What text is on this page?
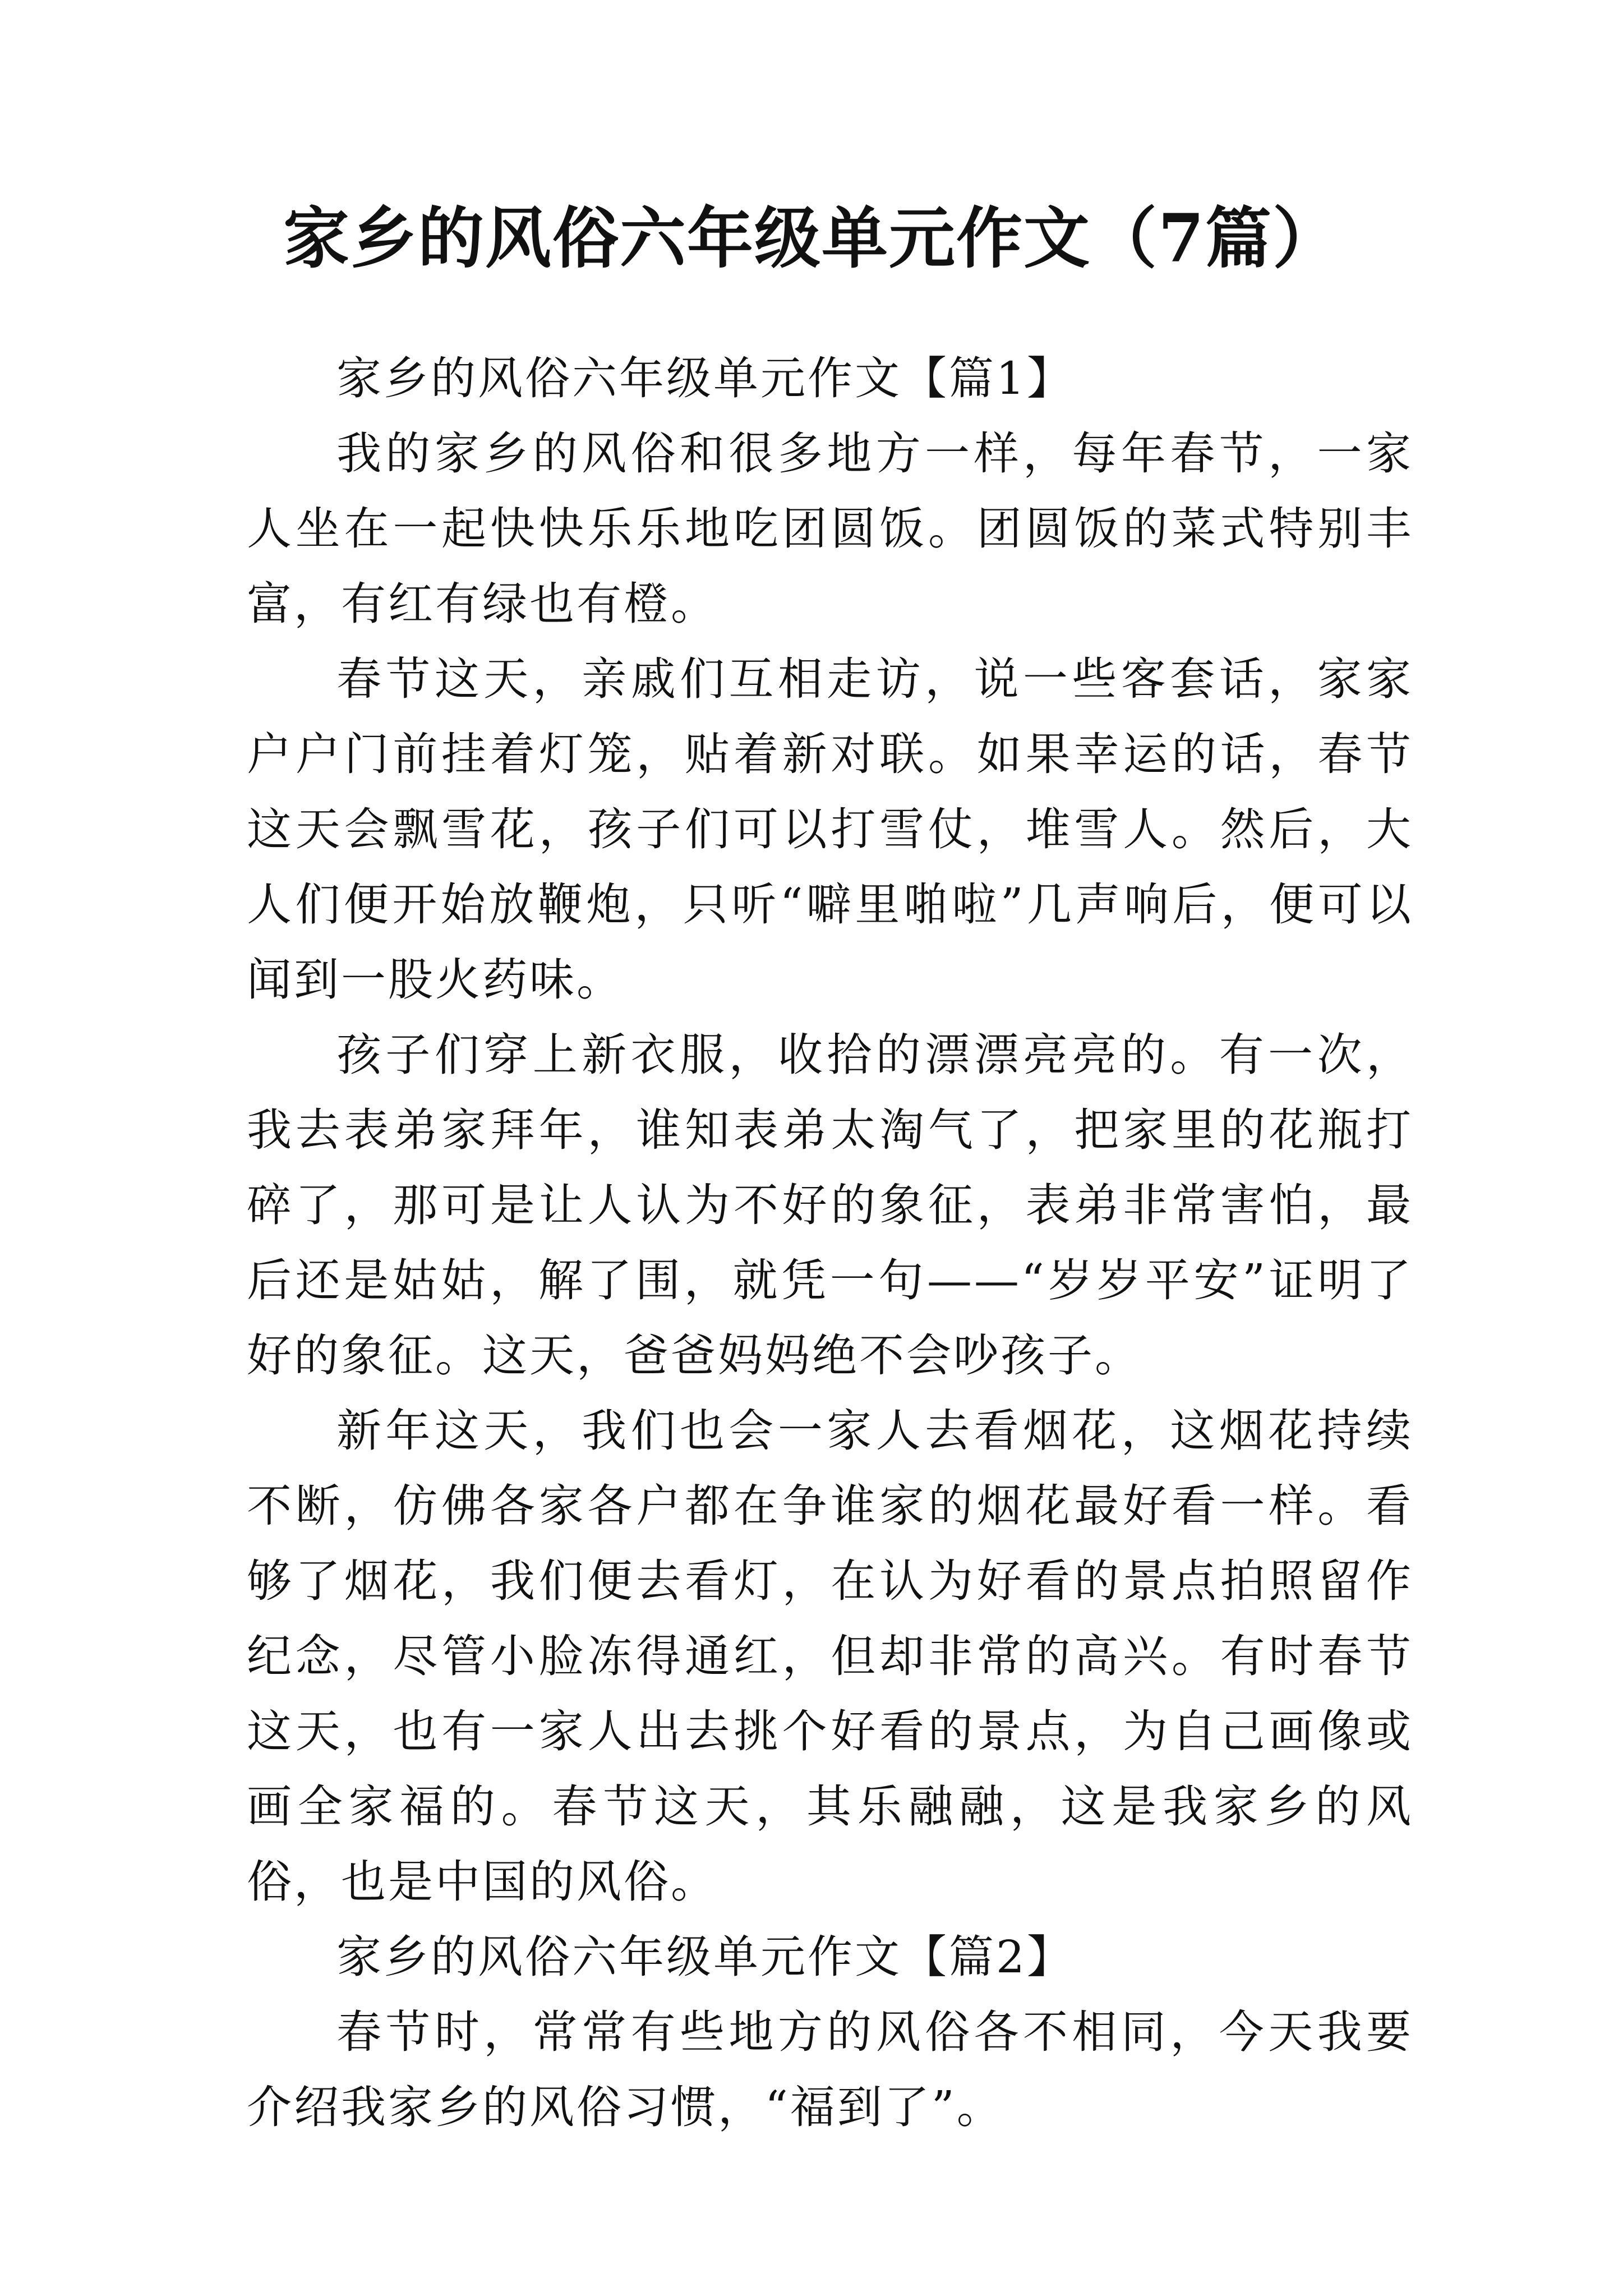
家乡的风俗六年级单元作文（7篇）
家乡的风俗六年级单元作文【篇1】

我的家乡的风俗和很多地方一样，每年春节，一家人坐在一起快快乐乐地吃团圆饭。团圆饭的菜式特别丰富，有红有绿也有橙。

春节这天，亲戚们互相走访，说一些客套话，家家户户门前挂着灯笼，贴着新对联。如果幸运的话，春节这天会飘雪花，孩子们可以打雪仗，堆雪人。然后，大人们便开始放鞭炮，只听“噼里啪啦”几声响后，便可以闻到一股火药味。

孩子们穿上新衣服，收拾的漂漂亮亮的。有一次，我去表弟家拜年，谁知表弟太淘气了，把家里的花瓶打碎了，那可是让人认为不好的象征，表弟非常害怕，最后还是姑姑，解了围，就凭一句——“岁岁平安”证明了好的象征。这天，爸爸妈妈绝不会吵孩子。

新年这天，我们也会一家人去看烟花，这烟花持续不断，仿佛各家各户都在争谁家的烟花最好看一样。看够了烟花，我们便去看灯，在认为好看的景点拍照留作纪念，尽管小脸冻得通红，但却非常的高兴。有时春节这天，也有一家人出去挑个好看的景点，为自己画像或画全家福的。春节这天，其乐融融，这是我家乡的风俗，也是中国的风俗。

家乡的风俗六年级单元作文【篇2】

春节时，常常有些地方的风俗各不相同，今天我要介绍我家乡的风俗习惯，“福到了”。
